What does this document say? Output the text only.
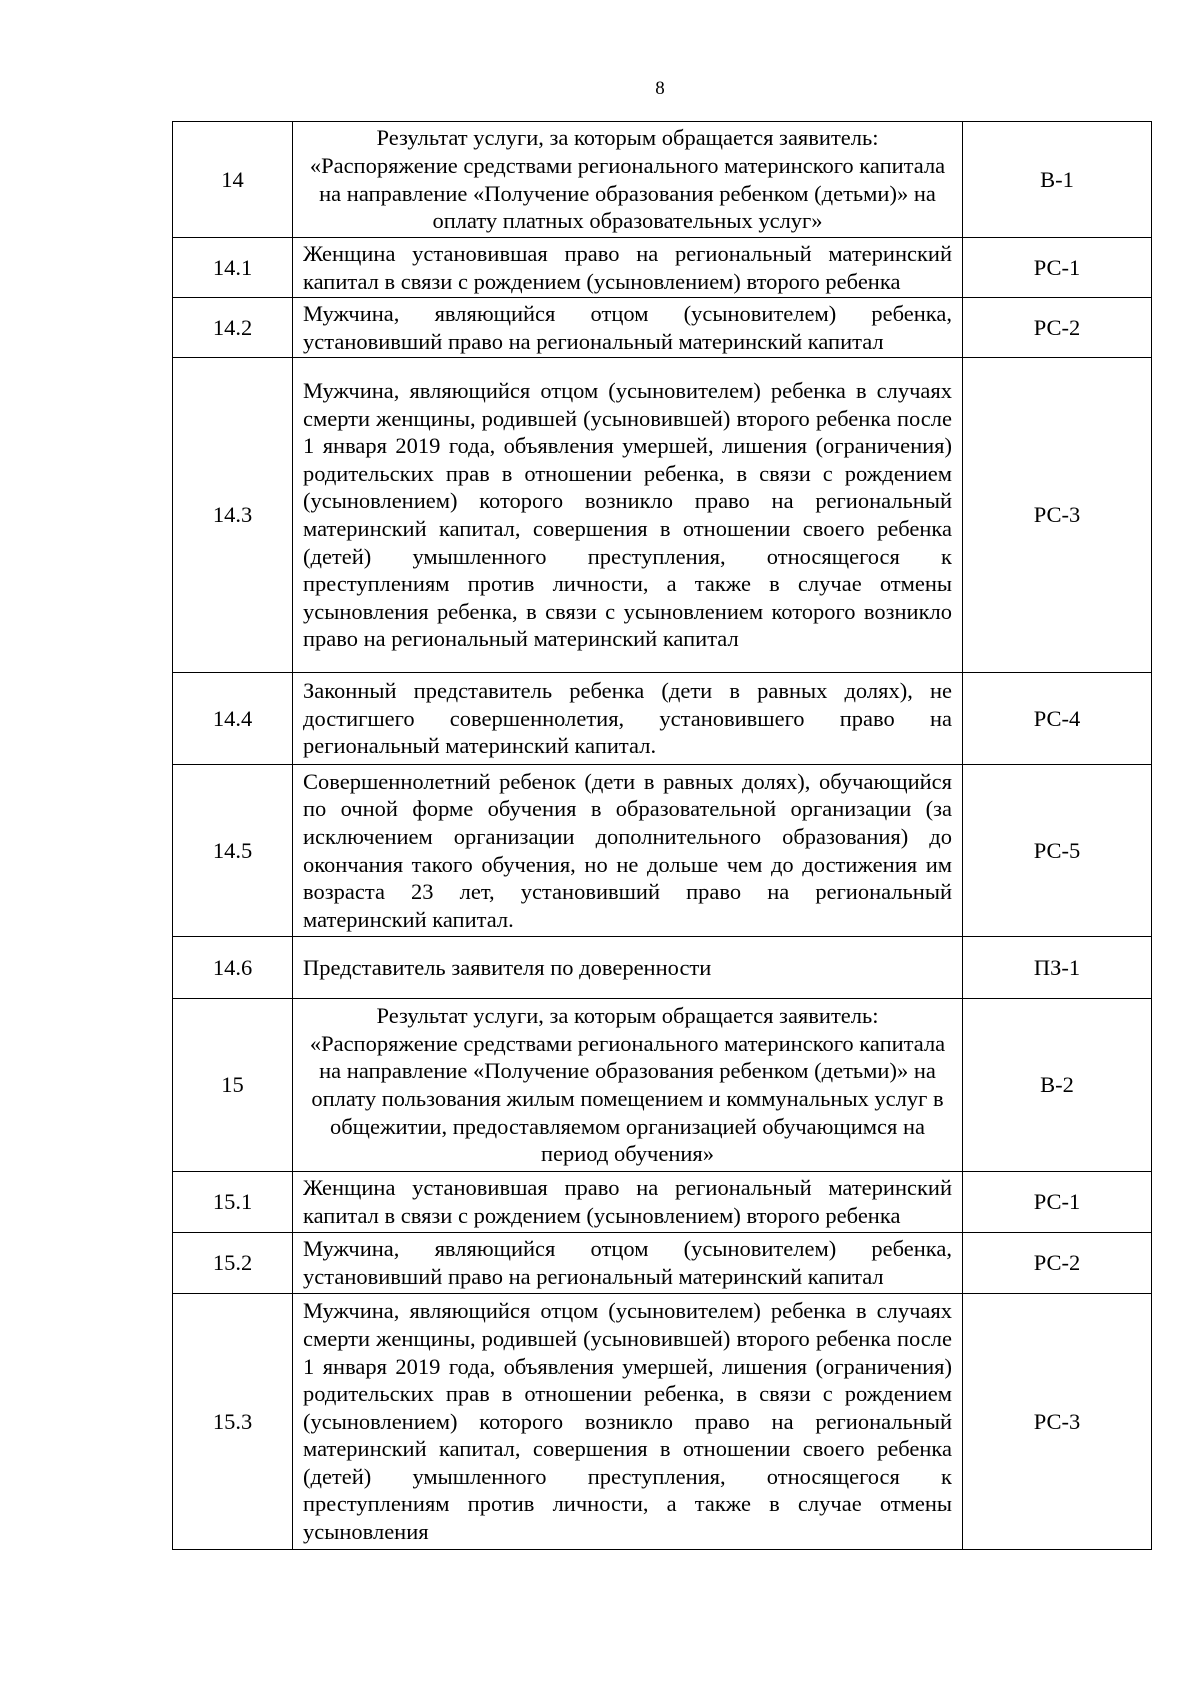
8
14	Результат услуги, за которым обращается заявитель: «Распоряжение средствами регионального материнского капитала на направление «Получение образования ребенком (детьми)» на оплату платных образовательных услуг»	В-1
14.1	Женщина установившая право на региональный материнский капитал в связи с рождением (усыновлением) второго ребенка	РС-1
14.2	Мужчина, являющийся отцом (усыновителем) ребенка, установивший право на региональный материнский капитал	РС-2
14.3	Мужчина, являющийся отцом (усыновителем) ребенка в случаях смерти женщины, родившей (усыновившей) второго ребенка после 1 января 2019 года, объявления умершей, лишения (ограничения) родительских прав в отношении ребенка, в связи с рождением (усыновлением) которого возникло право на региональный материнский капитал, совершения в отношении своего ребенка (детей) умышленного преступления, относящегося к преступлениям против личности, а также в случае отмены усыновления ребенка, в связи с усыновлением которого возникло право на региональный материнский капитал	РС-3
14.4	Законный представитель ребенка (дети в равных долях), не достигшего совершеннолетия, установившего право на региональный материнский капитал.	РС-4
14.5	Совершеннолетний ребенок (дети в равных долях), обучающийся по очной форме обучения в образовательной организации (за исключением организации дополнительного образования) до окончания такого обучения, но не дольше чем до достижения им возраста 23 лет, установивший право на региональный материнский капитал.	РС-5
14.6	Представитель заявителя по доверенности	ПЗ-1
15	Результат услуги, за которым обращается заявитель: «Распоряжение средствами регионального материнского капитала на направление «Получение образования ребенком (детьми)» на оплату пользования жилым помещением и коммунальных услуг в общежитии, предоставляемом организацией обучающимся на период обучения»	В-2
15.1	Женщина установившая право на региональный материнский капитал в связи с рождением (усыновлением) второго ребенка	РС-1
15.2	Мужчина, являющийся отцом (усыновителем) ребенка, установивший право на региональный материнский капитал	РС-2
15.3	Мужчина, являющийся отцом (усыновителем) ребенка в случаях смерти женщины, родившей (усыновившей) второго ребенка после 1 января 2019 года, объявления умершей, лишения (ограничения) родительских прав в отношении ребенка, в связи с рождением (усыновлением) которого возникло право на региональный материнский капитал, совершения в отношении своего ребенка (детей) умышленного преступления, относящегося к преступлениям против личности, а также в случае отмены усыновления	РС-3
